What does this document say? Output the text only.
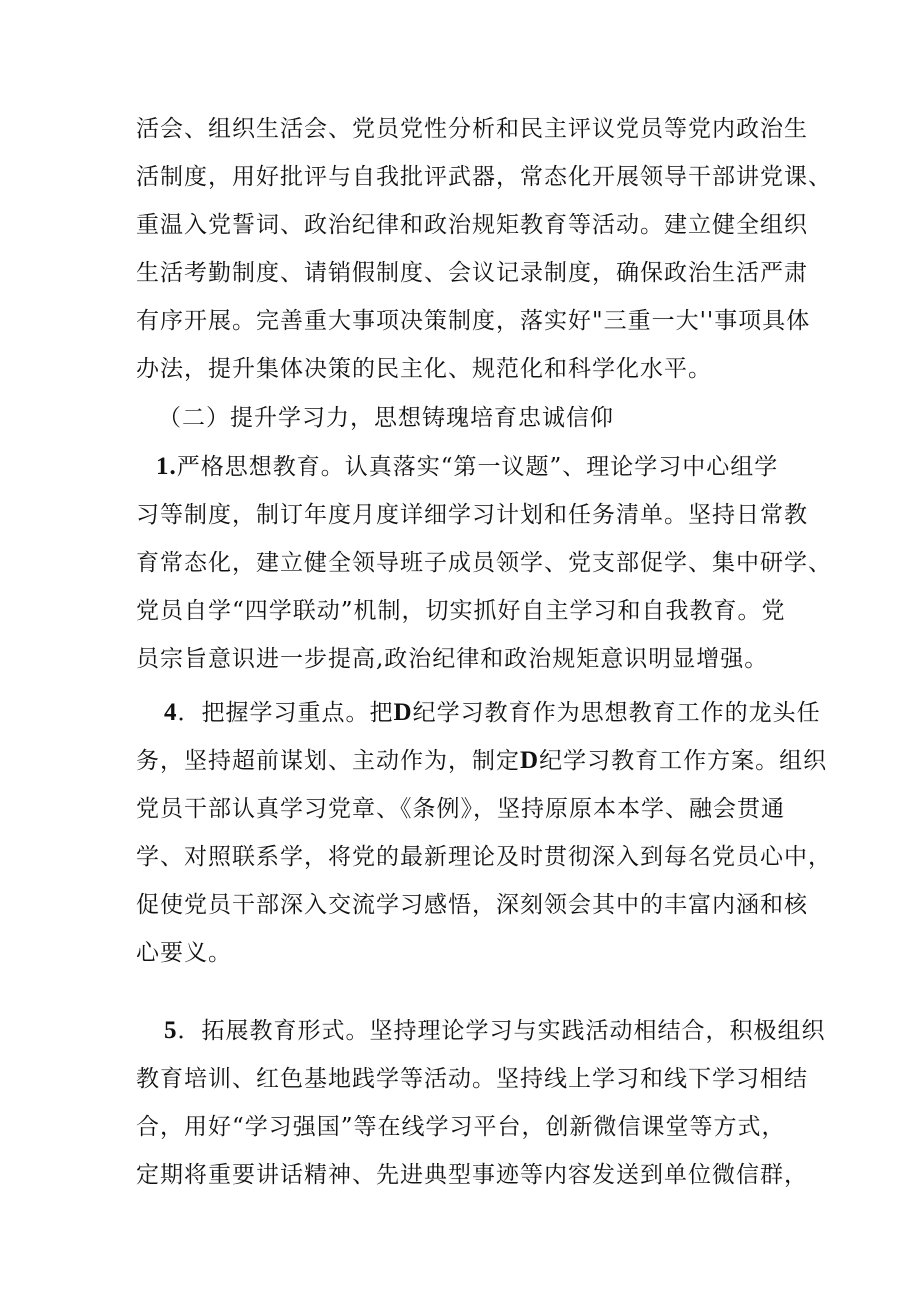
活会、组织生活会、党员党性分析和民主评议党员等党内政治生
活制度，用好批评与自我批评武器，常态化开展领导干部讲党课、
重温入党誓词、政治纪律和政治规矩教育等活动。建立健全组织
生活考勤制度、请销假制度、会议记录制度，确保政治生活严肃
有序开展。完善重大事项决策制度，落实好"三重一大''事项具体
办法，提升集体决策的民主化、规范化和科学化水平。
（二）提升学习力，思想铸瑰培育忠诚信仰
1.严格思想教育。认真落实“第一议题”、理论学习中心组学
习等制度，制订年度月度详细学习计划和任务清单。坚持日常教
育常态化，建立健全领导班子成员领学、党支部促学、集中研学、
党员自学“四学联动”机制，切实抓好自主学习和自我教育。党
员宗旨意识进一步提高,政治纪律和政治规矩意识明显增强。
4．把握学习重点。把D纪学习教育作为思想教育工作的龙头任
务，坚持超前谋划、主动作为，制定D纪学习教育工作方案。组织
党员干部认真学习党章、《条例》，坚持原原本本学、融会贯通
学、对照联系学，将党的最新理论及时贯彻深入到每名党员心中，
促使党员干部深入交流学习感悟，深刻领会其中的丰富内涵和核
心要义。
5．拓展教育形式。坚持理论学习与实践活动相结合，积极组织
教育培训、红色基地践学等活动。坚持线上学习和线下学习相结
合，用好“学习强国”等在线学习平台，创新微信课堂等方式，
定期将重要讲话精神、先进典型事迹等内容发送到单位微信群，
